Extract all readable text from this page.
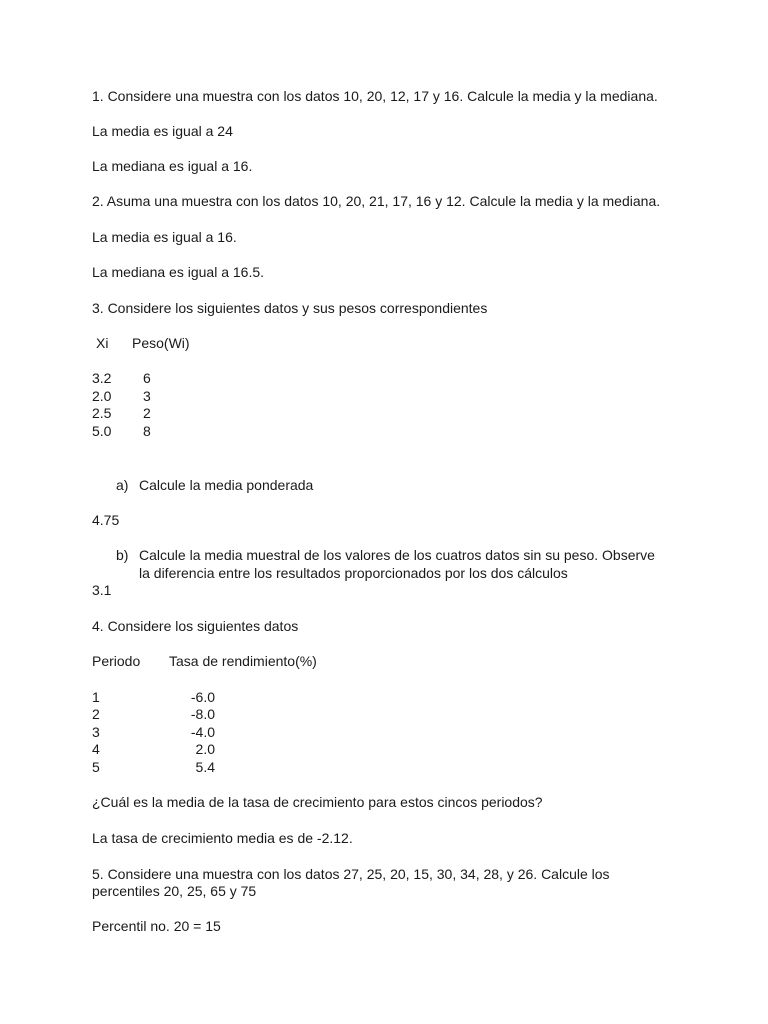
1. Considere una muestra con los datos 10, 20, 12, 17 y 16. Calcule la media y la mediana.
La media es igual a 24
La mediana es igual a 16.
2. Asuma una muestra con los datos 10, 20, 21, 17, 16 y 12. Calcule la media y la mediana.
La media es igual a 16.
La mediana es igual a 16.5.
3. Considere los siguientes datos y sus pesos correspondientes
Xi Peso(Wi)
3.2 6
2.0 3
2.5 2
5.0 8
a) Calcule la media ponderada
4.75
b) Calcule la media muestral de los valores de los cuatros datos sin su peso. Observe
la diferencia entre los resultados proporcionados por los dos cálculos
3.1
4. Considere los siguientes datos
Periodo Tasa de rendimiento(%)
1	-6.0
2	-8.0
3	-4.0
4	2.0
5	5.4
¿Cuál es la media de la tasa de crecimiento para estos cincos periodos?
La tasa de crecimiento media es de -2.12.
5. Considere una muestra con los datos 27, 25, 20, 15, 30, 34, 28, y 26. Calcule los
percentiles 20, 25, 65 y 75
Percentil no. 20 = 15
